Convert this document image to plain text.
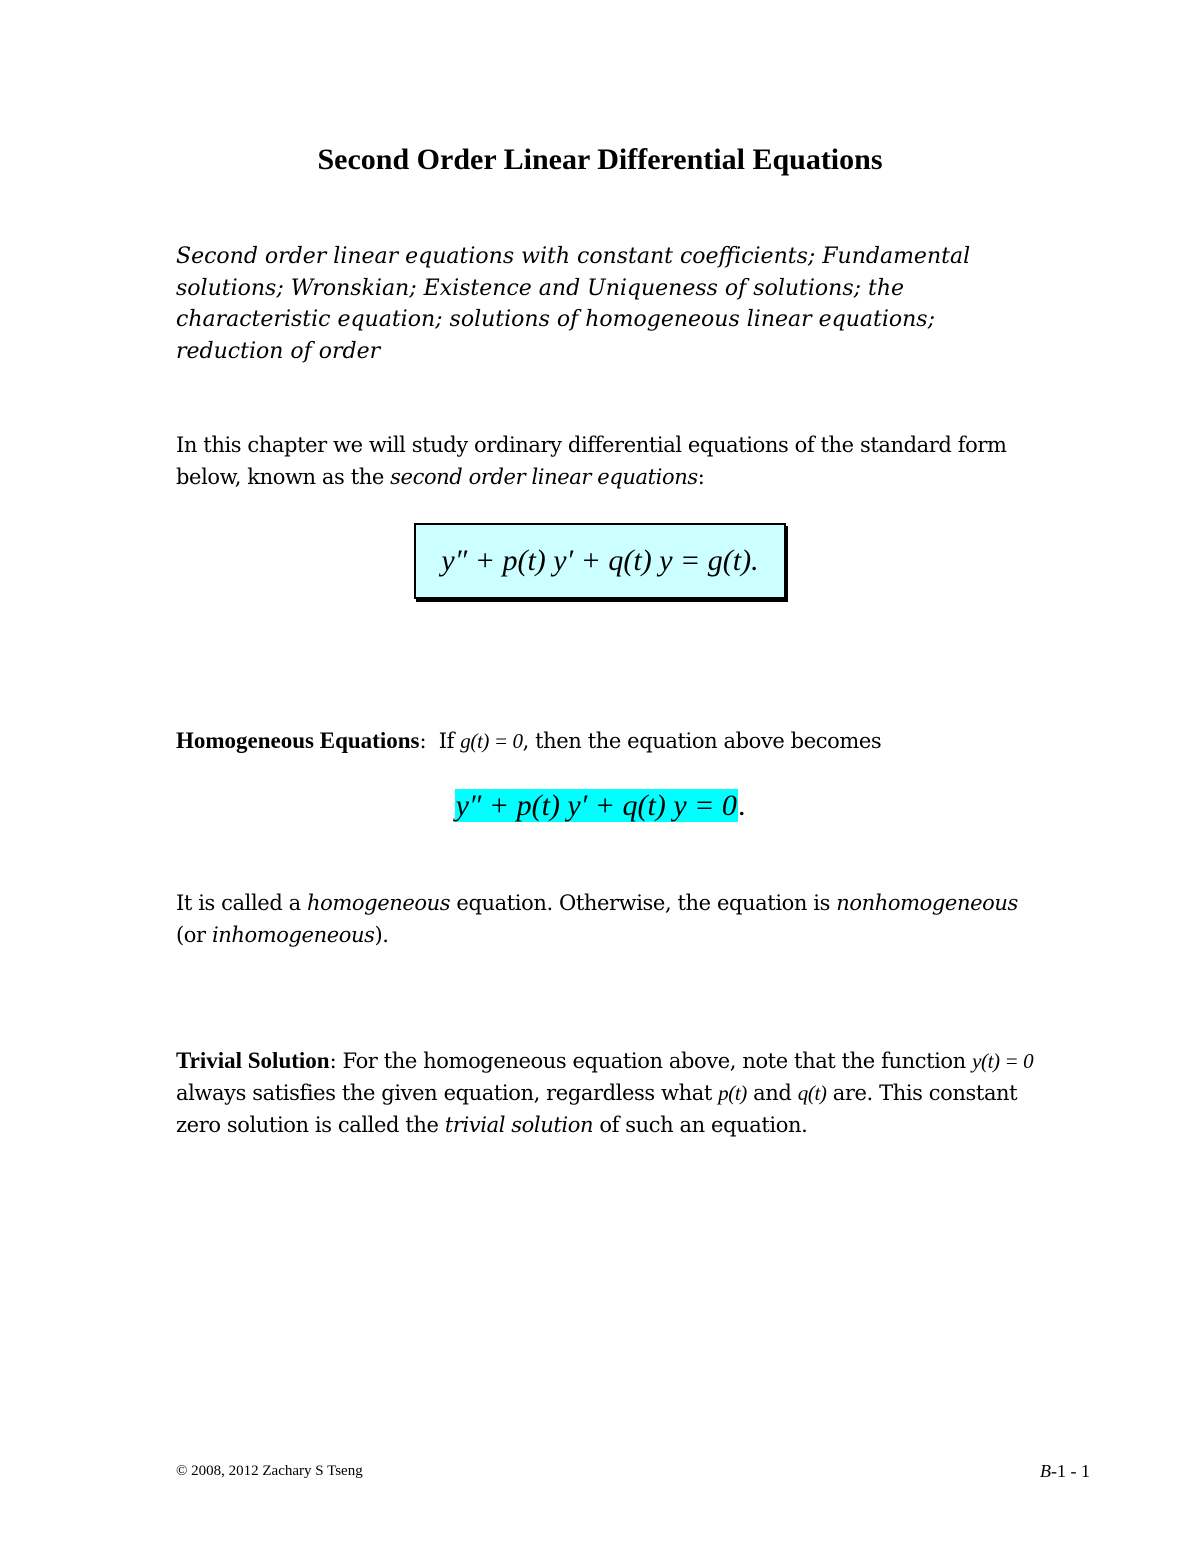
Second Order Linear Differential Equations

Second order linear equations with constant coefficients; Fundamental solutions; Wronskian; Existence and Uniqueness of solutions; the characteristic equation; solutions of homogeneous linear equations; reduction of order

In this chapter we will study ordinary differential equations of the standard form below, known as the second order linear equations:

y″ + p(t) y′ + q(t) y = g(t).

Homogeneous Equations: If g(t) = 0, then the equation above becomes

y″ + p(t) y′ + q(t) y = 0.

It is called a homogeneous equation. Otherwise, the equation is nonhomogeneous (or inhomogeneous).

Trivial Solution: For the homogeneous equation above, note that the function y(t) = 0 always satisfies the given equation, regardless what p(t) and q(t) are. This constant zero solution is called the trivial solution of such an equation.

© 2008, 2012 Zachary S Tseng	B-1 - 1
